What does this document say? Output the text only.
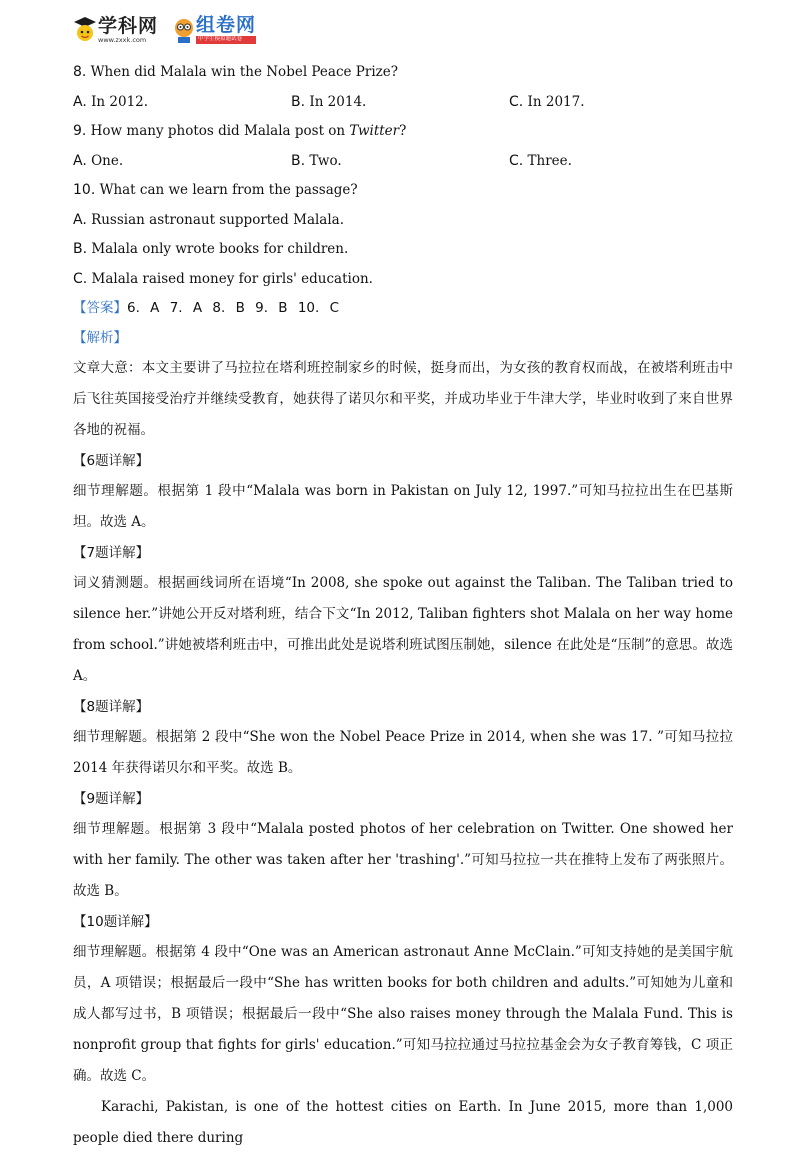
学科网
www.zxxk.com
组卷网
中学生模拟题试卷
8. When did Malala win the Nobel Peace Prize?
A. In 2012.	B. In 2014.	C. In 2017.
9. How many photos did Malala post on Twitter?
A. One.	B. Two.	C. Three.
10. What can we learn from the passage?
A. Russian astronaut supported Malala.
B. Malala only wrote books for children.
C. Malala raised money for girls' education.
【答案】6. A 7. A 8. B 9. B 10. C
【解析】
文章大意：本文主要讲了马拉拉在塔利班控制家乡的时候，挺身而出，为女孩的教育权而战，在被塔利班击中后飞往英国接受治疗并继续受教育，她获得了诺贝尔和平奖，并成功毕业于牛津大学，毕业时收到了来自世界各地的祝福。
【6题详解】
细节理解题。根据第 1 段中“Malala was born in Pakistan on July 12, 1997.”可知马拉拉出生在巴基斯坦。故选 A。
【7题详解】
词义猜测题。根据画线词所在语境“In 2008, she spoke out against the Taliban. The Taliban tried to silence her.”讲她公开反对塔利班，结合下文“In 2012, Taliban fighters shot Malala on her way home from school.”讲她被塔利班击中，可推出此处是说塔利班试图压制她，silence 在此处是“压制”的意思。故选 A。
【8题详解】
细节理解题。根据第 2 段中“She won the Nobel Peace Prize in 2014, when she was 17. ”可知马拉拉 2014 年获得诺贝尔和平奖。故选 B。
【9题详解】
细节理解题。根据第 3 段中“Malala posted photos of her celebration on Twitter. One showed her with her family. The other was taken after her 'trashing'.”可知马拉拉一共在推特上发布了两张照片。故选 B。
【10题详解】
细节理解题。根据第 4 段中“One was an American astronaut Anne McClain.”可知支持她的是美国宇航员，A 项错误；根据最后一段中“She has written books for both children and adults.”可知她为儿童和成人都写过书，B 项错误；根据最后一段中“She also raises money through the Malala Fund. This is nonprofit group that fights for girls' education.”可知马拉拉通过马拉拉基金会为女子教育筹钱，C 项正确。故选 C。
Karachi, Pakistan, is one of the hottest cities on Earth. In June 2015, more than 1,000 people died there during
